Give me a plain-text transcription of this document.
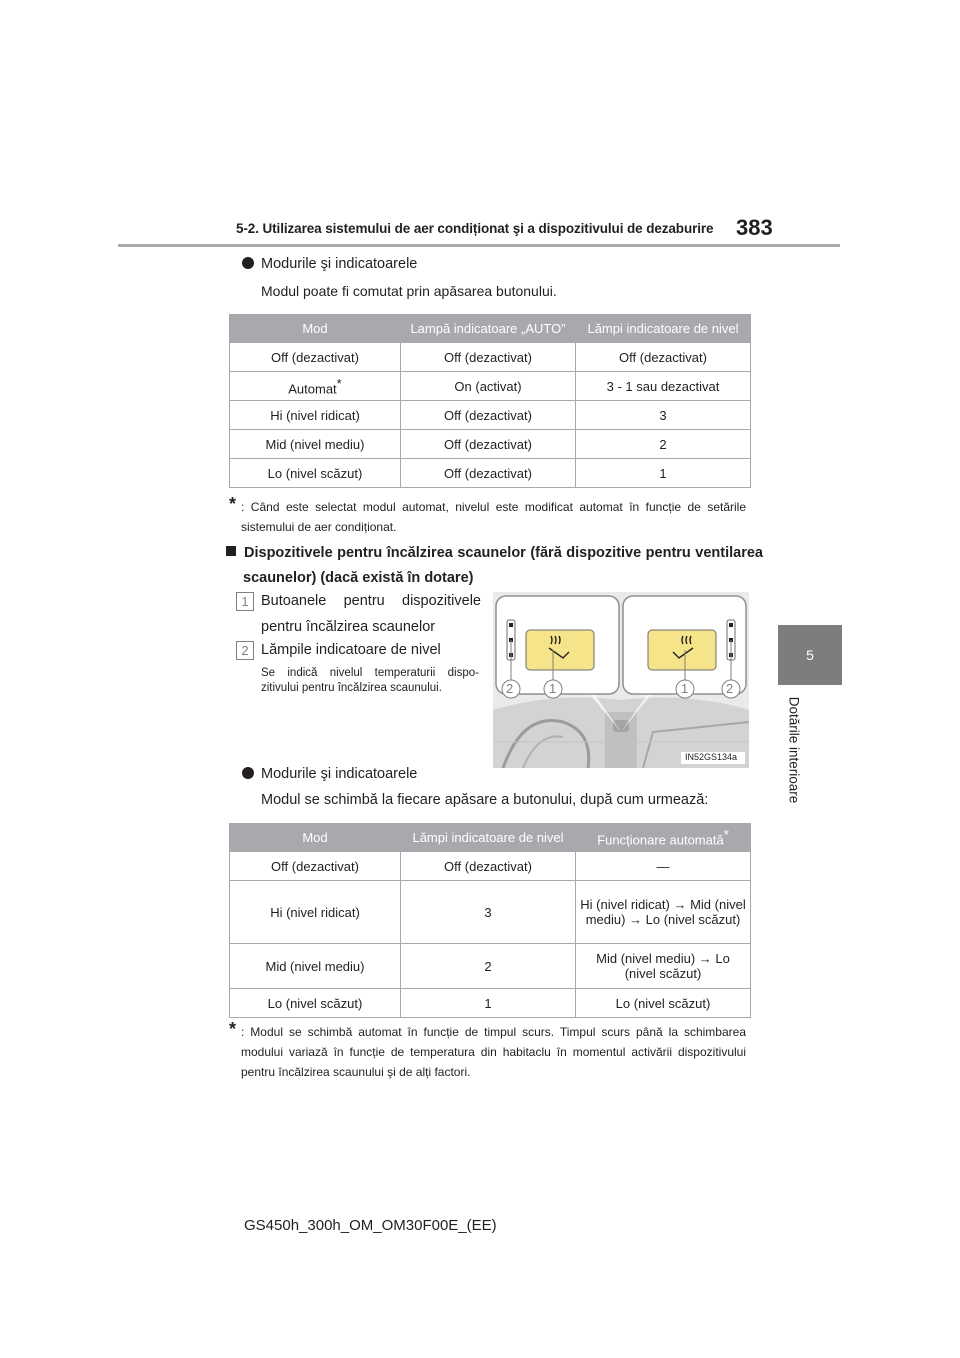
5-2. Utilizarea sistemului de aer condiționat şi a dispozitivului de dezaburire 383
5
Dotările interioare
Modurile şi indicatoarele
Modul poate fi comutat prin apăsarea butonului.
Mod	Lampă indicatoare „AUTO”	Lămpi indicatoare de nivel
Off (dezactivat)	Off (dezactivat)	Off (dezactivat)
Automat*	On (activat)	3 - 1 sau dezactivat
Hi (nivel ridicat)	Off (dezactivat)	3
Mid (nivel mediu)	Off (dezactivat)	2
Lo (nivel scăzut)	Off (dezactivat)	1
* : Când este selectat modul automat, nivelul este modificat automat în funcție de setările sistemului de aer condiționat.
Dispozitivele pentru încălzirea scaunelor (fără dispozitive pentru ventilarea scaunelor) (dacă există în dotare)
1 Butoanele pentru dispozitivele pentru încălzirea scaunelor
2 Lămpile indicatoare de nivel
Se indică nivelul temperaturii dispo-zitivului pentru încălzirea scaunului.	2	1	1	2
IN52GS134a
Modurile şi indicatoarele
Modul se schimbă la fiecare apăsare a butonului, după cum urmează:
Mod	Lămpi indicatoare de nivel	Funcționare automată*
Off (dezactivat)	Off (dezactivat)	—
Hi (nivel ridicat)	3	Hi (nivel ridicat) → Mid (nivel mediu) → Lo (nivel scăzut)
Mid (nivel mediu)	2	Mid (nivel mediu) → Lo (nivel scăzut)
Lo (nivel scăzut)	1	Lo (nivel scăzut)
* : Modul se schimbă automat în funcție de timpul scurs. Timpul scurs până la schimbarea modului variază în funcție de temperatura din habitaclu în momentul activării dispozitivului pentru încălzirea scaunului şi de alți factori.
GS450h_300h_OM_OM30F00E_(EE)
